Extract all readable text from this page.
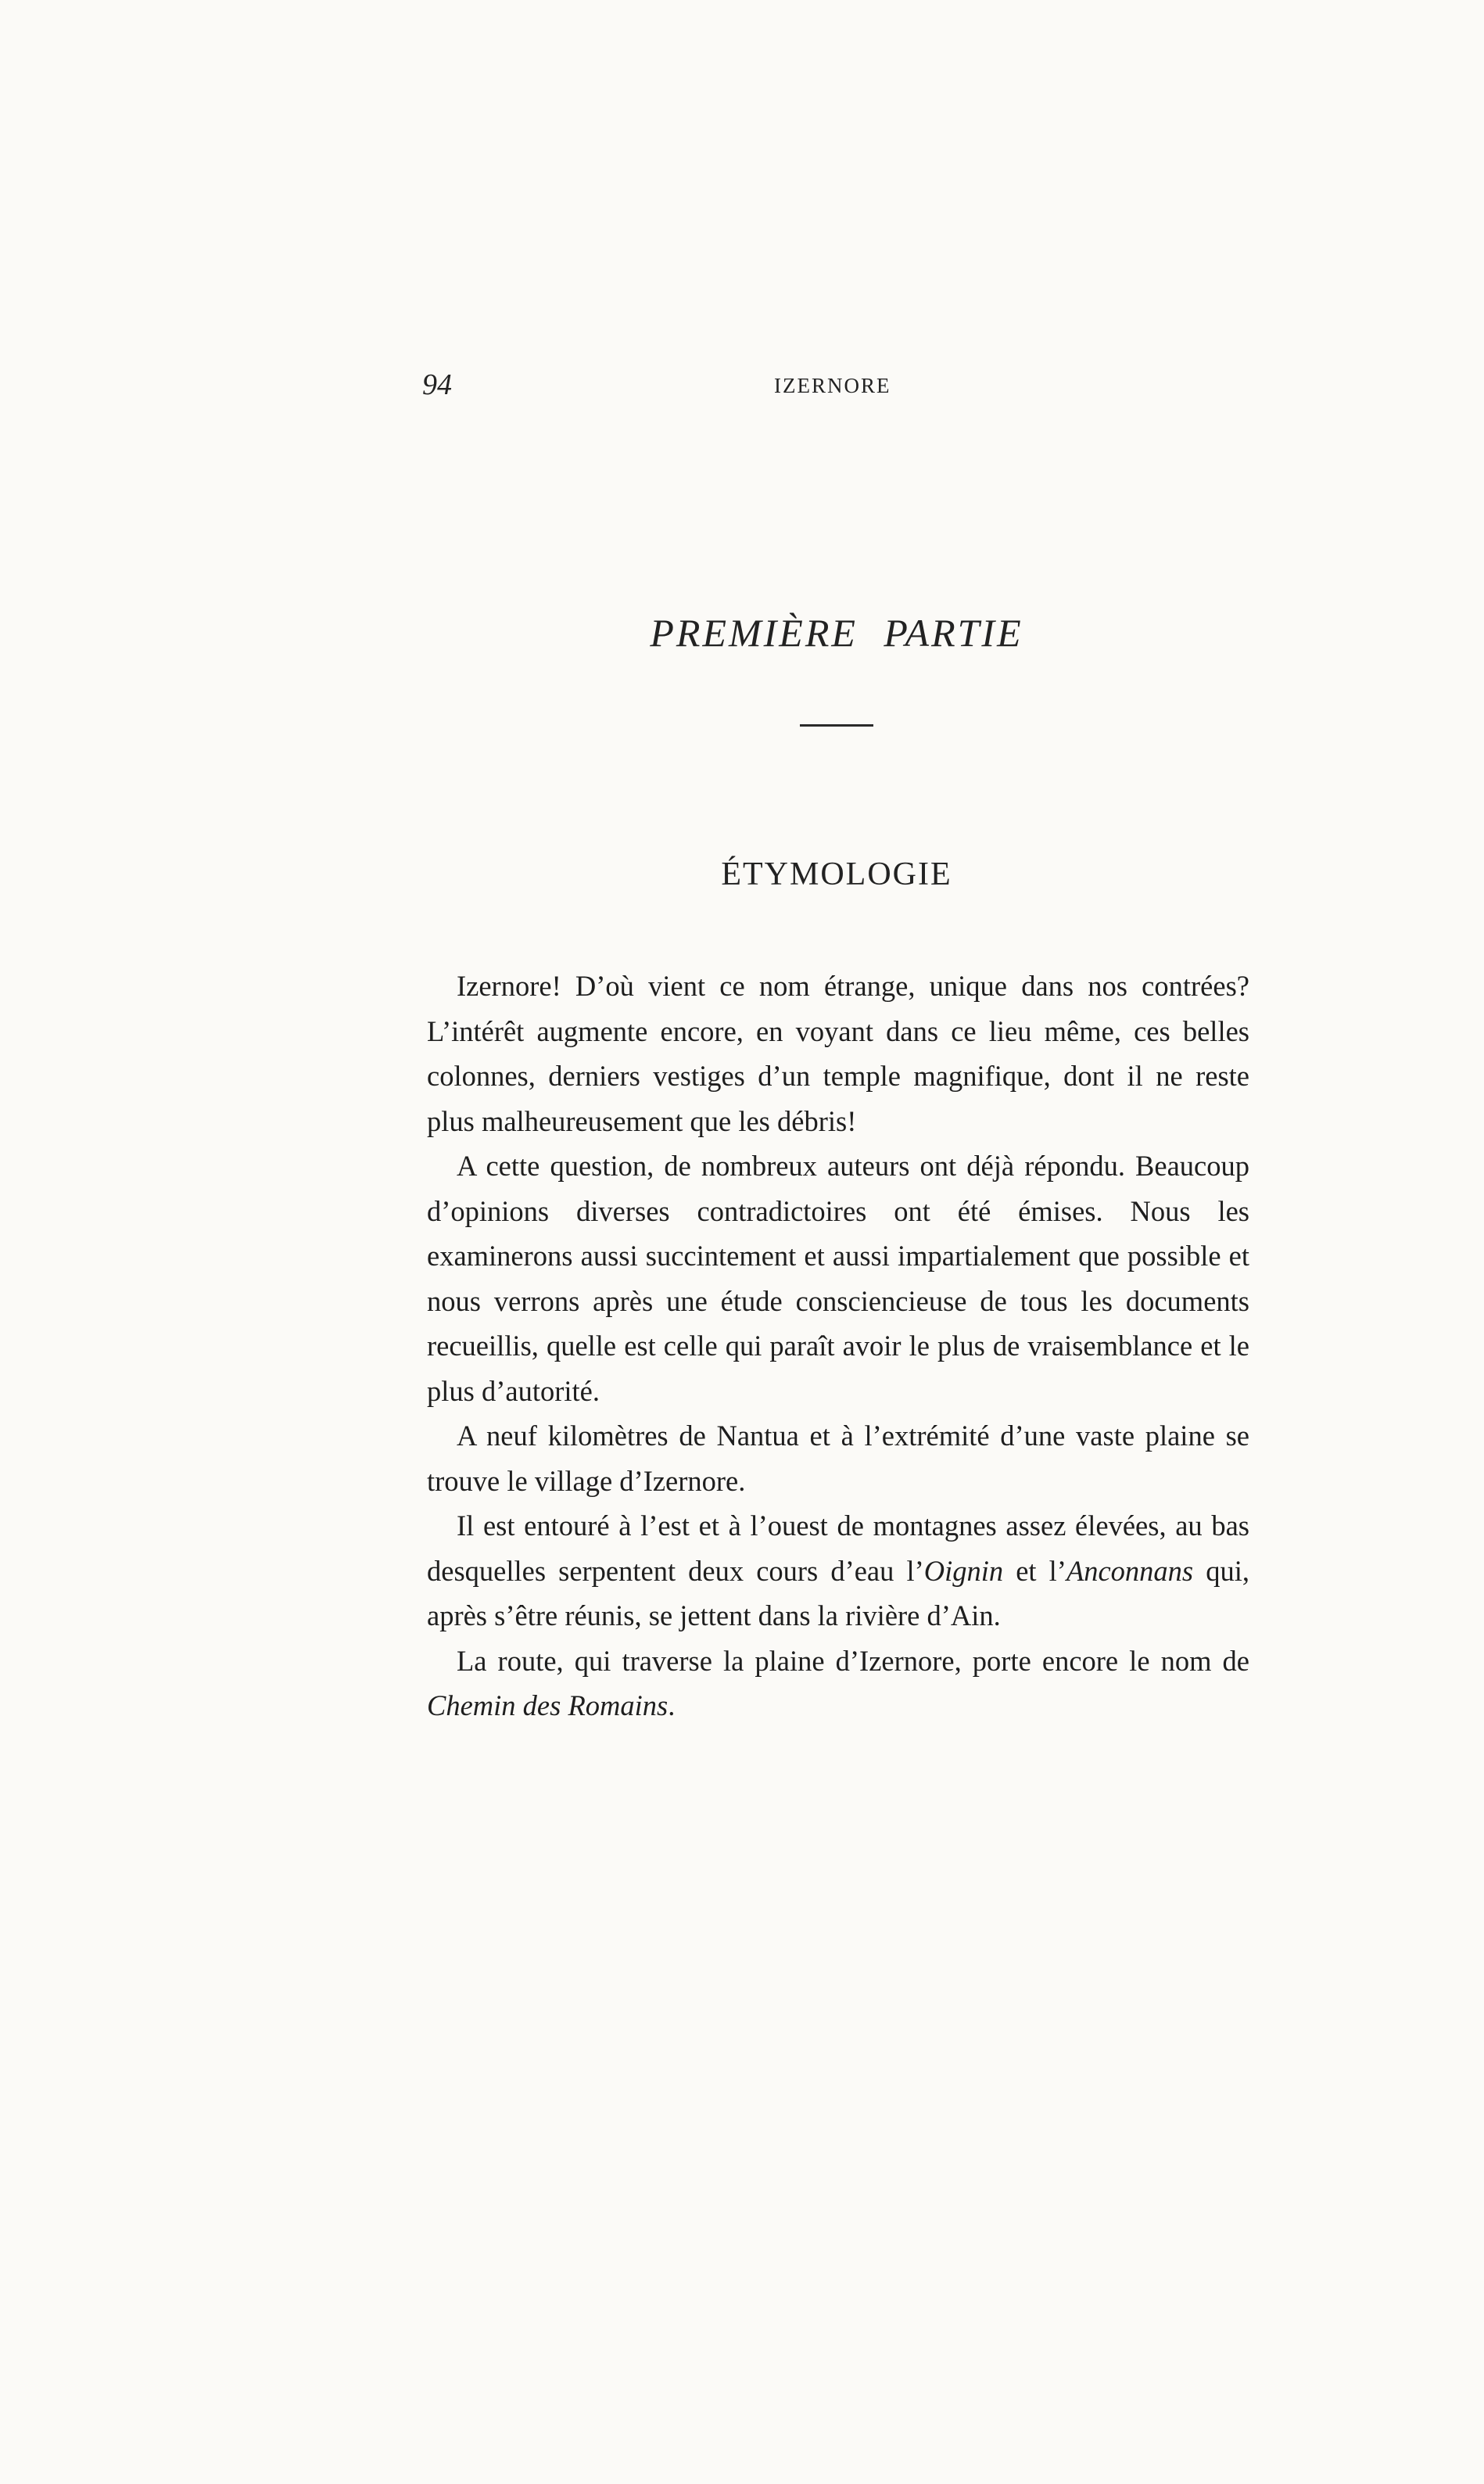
94	IZERNORE
PREMIÈRE PARTIE
ÉTYMOLOGIE

Izernore! D’où vient ce nom étrange, unique dans nos contrées? L’intérêt augmente encore, en voyant dans ce lieu même, ces belles colonnes, derniers vestiges d’un temple magnifique, dont il ne reste plus malheureusement que les débris!

A cette question, de nombreux auteurs ont déjà répondu. Beaucoup d’opinions diverses contradictoires ont été émises. Nous les examinerons aussi succintement et aussi impartialement que possible et nous verrons après une étude consciencieuse de tous les documents recueillis, quelle est celle qui paraît avoir le plus de vraisemblance et le plus d’autorité.

A neuf kilomètres de Nantua et à l’extrémité d’une vaste plaine se trouve le village d’Izernore.

Il est entouré à l’est et à l’ouest de montagnes assez élevées, au bas desquelles serpentent deux cours d’eau l’Oignin et l’Anconnans qui, après s’être réunis, se jettent dans la rivière d’Ain.

La route, qui traverse la plaine d’Izernore, porte encore le nom de Chemin des Romains.
